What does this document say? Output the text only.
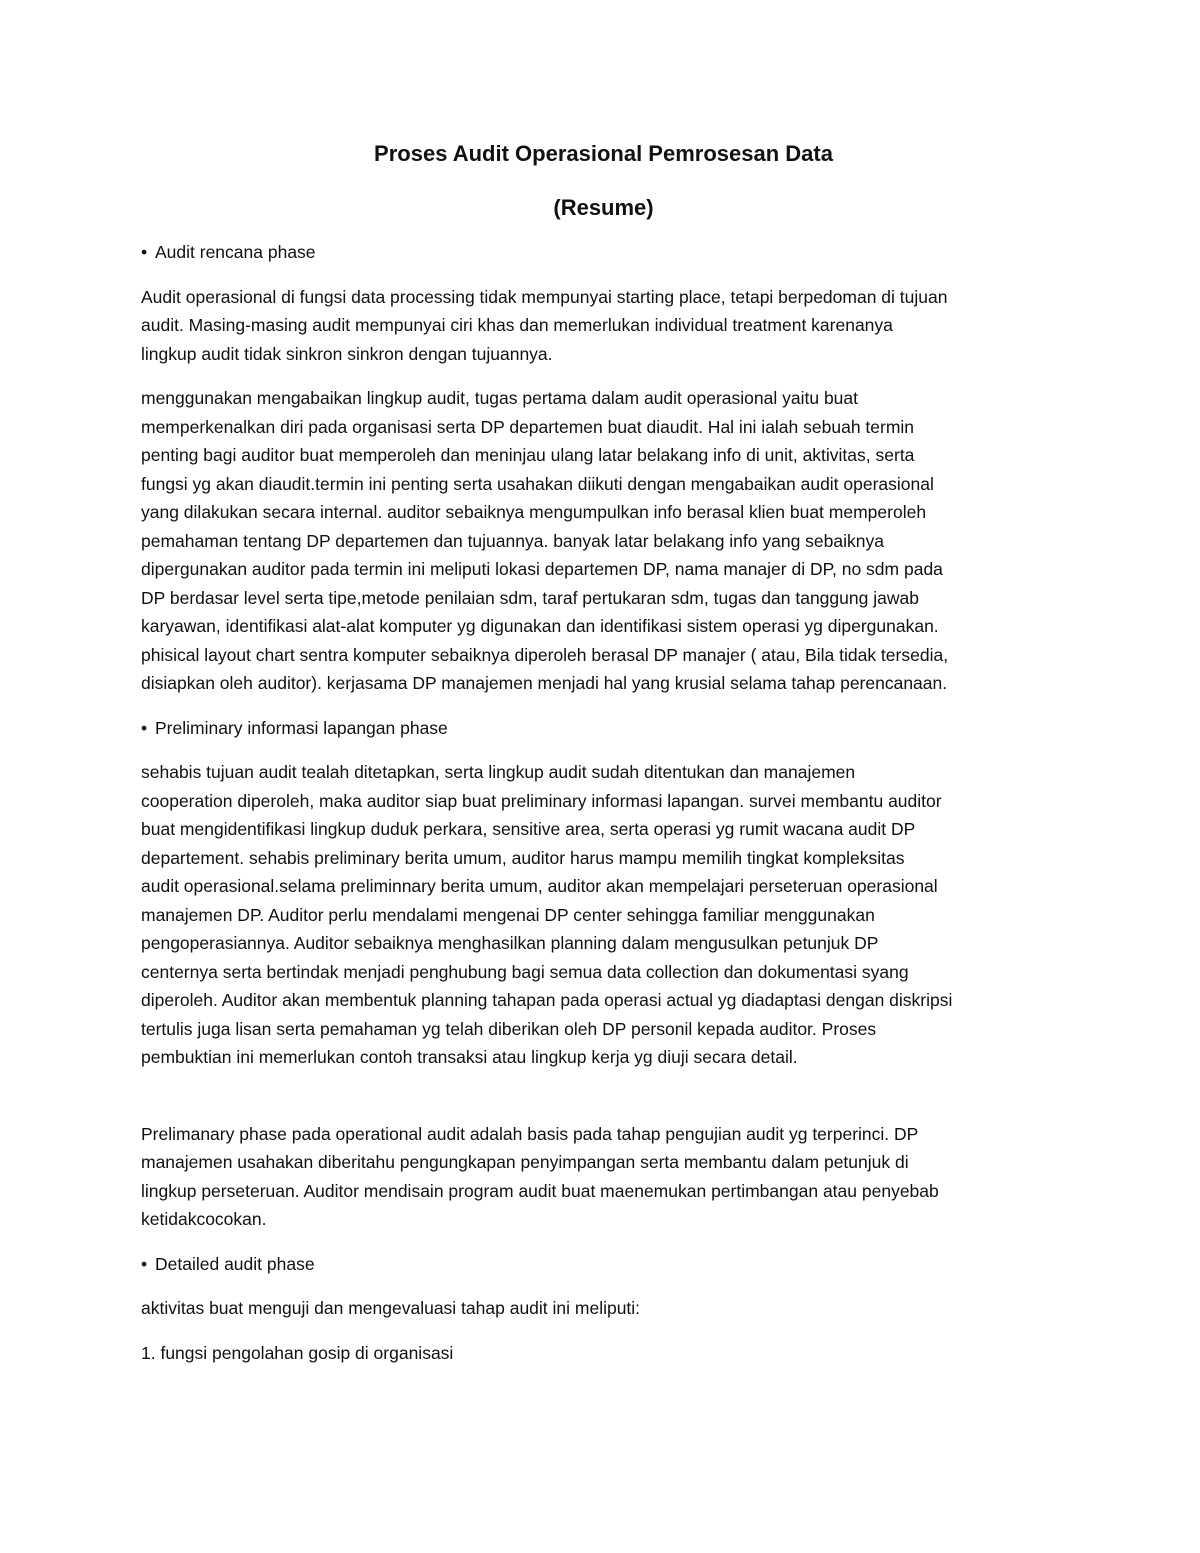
Proses Audit Operasional Pemrosesan Data
(Resume)
• Audit rencana phase
Audit operasional di fungsi data processing tidak mempunyai starting place, tetapi berpedoman di tujuan
audit. Masing-masing audit mempunyai ciri khas dan memerlukan individual treatment karenanya
lingkup audit tidak sinkron sinkron dengan tujuannya.
menggunakan mengabaikan lingkup audit, tugas pertama dalam audit operasional yaitu buat
memperkenalkan diri pada organisasi serta DP departemen buat diaudit. Hal ini ialah sebuah termin
penting bagi auditor buat memperoleh dan meninjau ulang latar belakang info di unit, aktivitas, serta
fungsi yg akan diaudit.termin ini penting serta usahakan diikuti dengan mengabaikan audit operasional
yang dilakukan secara internal. auditor sebaiknya mengumpulkan info berasal klien buat memperoleh
pemahaman tentang DP departemen dan tujuannya. banyak latar belakang info yang sebaiknya
dipergunakan auditor pada termin ini meliputi lokasi departemen DP, nama manajer di DP, no sdm pada
DP berdasar level serta tipe,metode penilaian sdm, taraf pertukaran sdm, tugas dan tanggung jawab
karyawan, identifikasi alat-alat komputer yg digunakan dan identifikasi sistem operasi yg dipergunakan.
phisical layout chart sentra komputer sebaiknya diperoleh berasal DP manajer ( atau, Bila tidak tersedia,
disiapkan oleh auditor). kerjasama DP manajemen menjadi hal yang krusial selama tahap perencanaan.
• Preliminary informasi lapangan phase
sehabis tujuan audit tealah ditetapkan, serta lingkup audit sudah ditentukan dan manajemen
cooperation diperoleh, maka auditor siap buat preliminary informasi lapangan. survei membantu auditor
buat mengidentifikasi lingkup duduk perkara, sensitive area, serta operasi yg rumit wacana audit DP
departement. sehabis preliminary berita umum, auditor harus mampu memilih tingkat kompleksitas
audit operasional.selama preliminnary berita umum, auditor akan mempelajari perseteruan operasional
manajemen DP. Auditor perlu mendalami mengenai DP center sehingga familiar menggunakan
pengoperasiannya. Auditor sebaiknya menghasilkan planning dalam mengusulkan petunjuk DP
centernya serta bertindak menjadi penghubung bagi semua data collection dan dokumentasi syang
diperoleh. Auditor akan membentuk planning tahapan pada operasi actual yg diadaptasi dengan diskripsi
tertulis juga lisan serta pemahaman yg telah diberikan oleh DP personil kepada auditor. Proses
pembuktian ini memerlukan contoh transaksi atau lingkup kerja yg diuji secara detail.
Prelimanary phase pada operational audit adalah basis pada tahap pengujian audit yg terperinci. DP
manajemen usahakan diberitahu pengungkapan penyimpangan serta membantu dalam petunjuk di
lingkup perseteruan. Auditor mendisain program audit buat maenemukan pertimbangan atau penyebab
ketidakcocokan.
• Detailed audit phase
aktivitas buat menguji dan mengevaluasi tahap audit ini meliputi:
1. fungsi pengolahan gosip di organisasi
